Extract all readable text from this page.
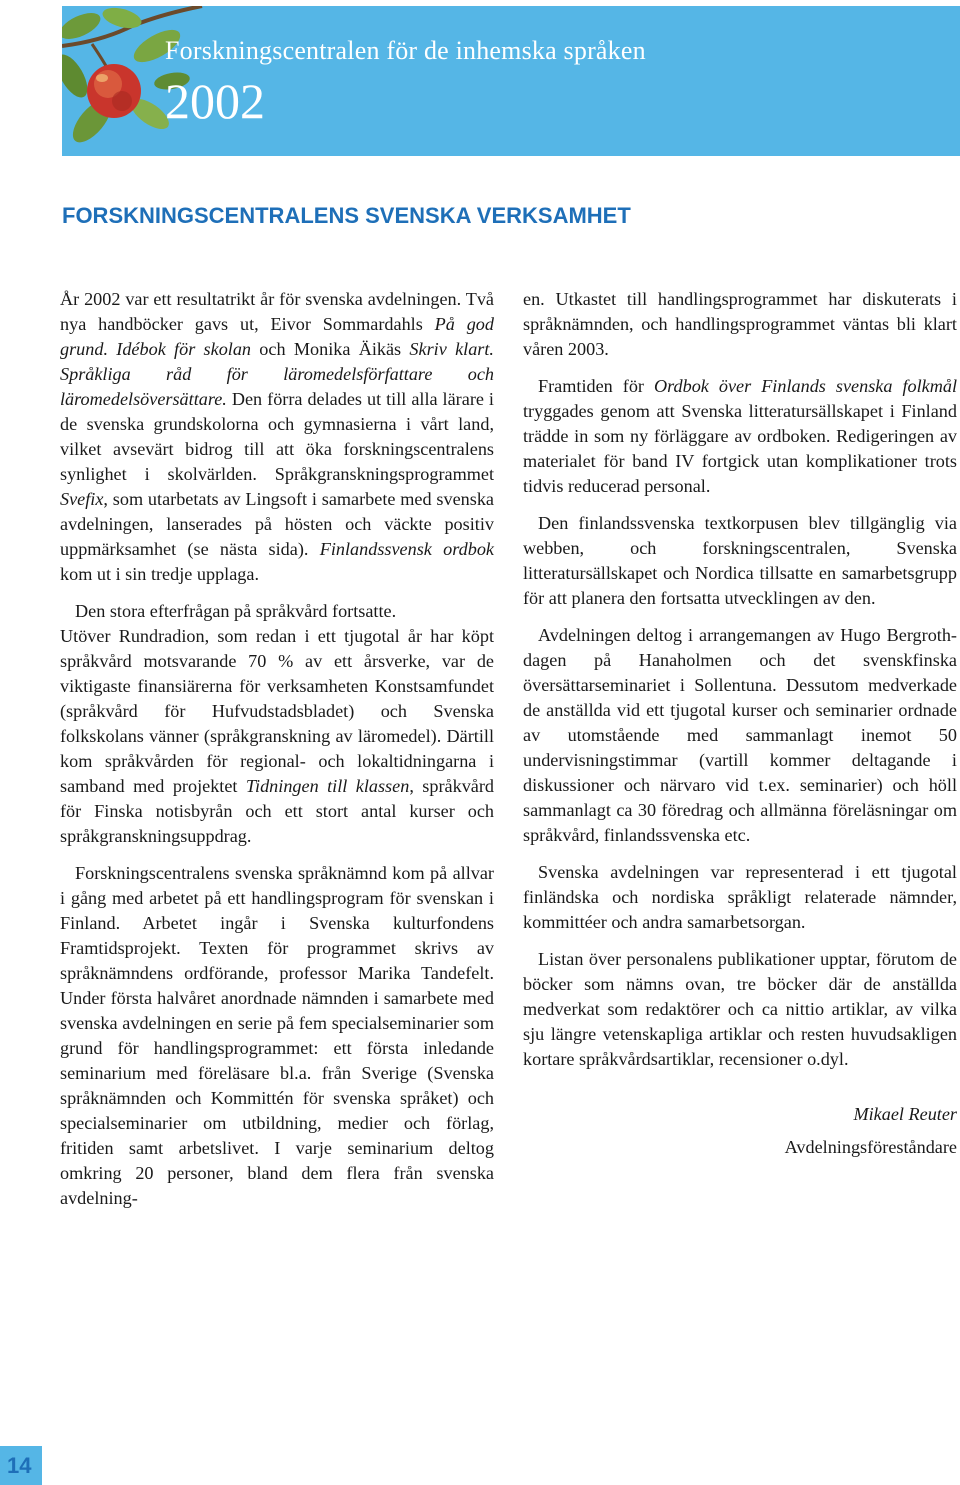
Forskningscentralen för de inhemska språken
2002
FORSKNINGSCENTRALENS SVENSKA VERKSAMHET

År 2002 var ett resultatrikt år för svenska avdelningen. Två nya handböcker gavs ut, Eivor Sommardahls På god grund. Idébok för skolan och Monika Äikäs Skriv klart. Språkliga råd för läromedelsförfattare och läromedelsöversättare. Den förra delades ut till alla lärare i de svenska grundskolorna och gymnasierna i vårt land, vilket avsevärt bidrog till att öka forskningscentralens synlighet i skolvärlden. Språkgranskningsprogrammet Svefix, som utarbetats av Lingsoft i samarbete med svenska avdelningen, lanserades på hösten och väckte positiv uppmärksamhet (se nästa sida). Finlandssvensk ordbok kom ut i sin tredje upplaga.

Den stora efterfrågan på språkvård fortsatte.

Utöver Rundradion, som redan i ett tjugotal år har köpt språkvård motsvarande 70 % av ett årsverke, var de viktigaste finansiärerna för verksamheten Konstsamfundet (språkvård för Hufvudstadsbladet) och Svenska folkskolans vänner (språkgranskning av läromedel). Därtill kom språkvården för regional- och lokaltidningarna i samband med projektet Tidningen till klassen, språkvård för Finska notisbyrån och ett stort antal kurser och språkgranskningsuppdrag.

Forskningscentralens svenska språknämnd kom på allvar i gång med arbetet på ett handlingsprogram för svenskan i Finland. Arbetet ingår i Svenska kulturfondens Framtidsprojekt. Texten för programmet skrivs av språknämndens ordförande, professor Marika Tandefelt. Under första halvåret anordnade nämnden i samarbete med svenska avdelningen en serie på fem specialseminarier som grund för handlingsprogrammet: ett första inledande seminarium med föreläsare bl.a. från Sverige (Svenska språknämnden och Kommittén för svenska språket) och specialseminarier om utbildning, medier och förlag, fritiden samt arbetslivet. I varje seminarium deltog omkring 20 personer, bland dem flera från svenska avdelning-

en. Utkastet till handlingsprogrammet har diskuterats i språknämnden, och handlingsprogrammet väntas bli klart våren 2003.

Framtiden för Ordbok över Finlands svenska folkmål tryggades genom att Svenska litteratursällskapet i Finland trädde in som ny förläggare av ordboken. Redigeringen av materialet för band IV fortgick utan komplikationer trots tidvis reducerad personal.

Den finlandssvenska textkorpusen blev tillgänglig via webben, och forskningscentralen, Svenska litteratursällskapet och Nordica tillsatte en samarbetsgrupp för att planera den fortsatta utvecklingen av den.

Avdelningen deltog i arrangemangen av Hugo Bergroth-dagen på Hanaholmen och det svenskfinska översättarseminariet i Sollentuna. Dessutom medverkade de anställda vid ett tjugotal kurser och seminarier ordnade av utomstående med sammanlagt inemot 50 undervisningstimmar (vartill kommer deltagande i diskussioner och närvaro vid t.ex. seminarier) och höll sammanlagt ca 30 föredrag och allmänna föreläsningar om språkvård, finlandssvenska etc.

Svenska avdelningen var representerad i ett tjugotal finländska och nordiska språkligt relaterade nämnder, kommittéer och andra samarbetsorgan.

Listan över personalens publikationer upptar, förutom de böcker som nämns ovan, tre böcker där de anställda medverkat som redaktörer och ca nittio artiklar, av vilka sju längre vetenskapliga artiklar och resten huvudsakligen kortare språkvårdsartiklar, recensioner o.dyl.

Mikael Reuter
Avdelningsföreståndare

14
